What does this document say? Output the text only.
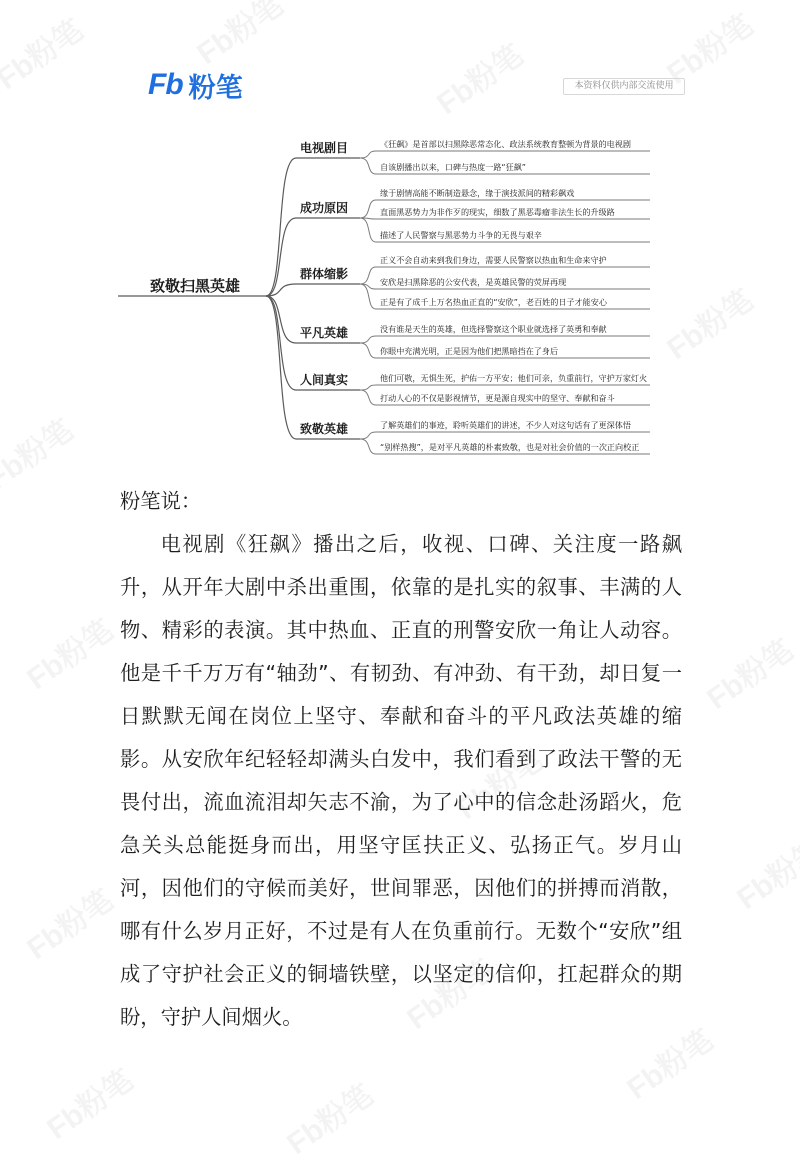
Fb 粉笔	本资料仅供内部交流使用
致敬扫黑英雄
电视剧目	《狂飙》是首部以扫黑除恶常态化、政法系统教育整顿为背景的电视剧
自该剧播出以来，口碑与热度一路“狂飙”
成功原因
缘于剧情高能不断制造悬念，缘于演技派间的精彩飙戏
直面黑恶势力为非作歹的现实，细数了黑恶毒瘤非法生长的升级路
描述了人民警察与黑恶势力斗争的无畏与艰辛
群体缩影
正义不会自动来到我们身边，需要人民警察以热血和生命来守护
安欣是扫黑除恶的公安代表，是英雄民警的荧屏再现
正是有了成千上万名热血正直的“安欣”，老百姓的日子才能安心
平凡英雄	没有谁是天生的英雄，但选择警察这个职业就选择了英勇和奉献
你眼中充满光明，正是因为他们把黑暗挡在了身后
人间真实	他们可敬，无惧生死，护佑一方平安；他们可亲，负重前行，守护万家灯火
打动人心的不仅是影视情节，更是源自现实中的坚守、奉献和奋斗
致敬英雄	了解英雄们的事迹，聆听英雄们的讲述，不少人对这句话有了更深体悟
“别样热搜”，是对平凡英雄的朴素致敬，也是对社会价值的一次正向校正
粉笔说：

电视剧《狂飙》播出之后，收视、口碑、关注度一路飙升，从开年大剧中杀出重围，依靠的是扎实的叙事、丰满的人物、精彩的表演。其中热血、正直的刑警安欣一角让人动容。他是千千万万有“轴劲”、有韧劲、有冲劲、有干劲，却日复一日默默无闻在岗位上坚守、奉献和奋斗的平凡政法英雄的缩影。从安欣年纪轻轻却满头白发中，我们看到了政法干警的无畏付出，流血流泪却矢志不渝，为了心中的信念赴汤蹈火，危急关头总能挺身而出，用坚守匡扶正义、弘扬正气。岁月山河，因他们的守候而美好，世间罪恶，因他们的拼搏而消散，哪有什么岁月正好，不过是有人在负重前行。无数个“安欣”组成了守护社会正义的铜墙铁壁，以坚定的信仰，扛起群众的期盼，守护人间烟火。
